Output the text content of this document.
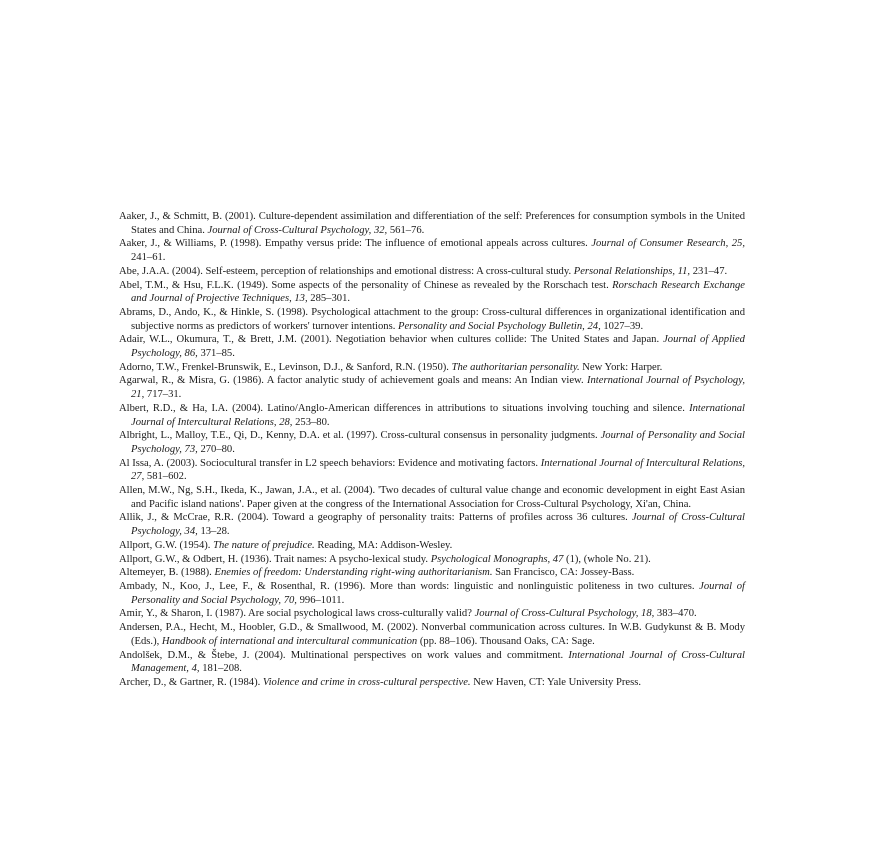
Aaker, J., & Schmitt, B. (2001). Culture-dependent assimilation and differentiation of the self: Preferences for consumption symbols in the United States and China. Journal of Cross-Cultural Psychology, 32, 561–76.
Aaker, J., & Williams, P. (1998). Empathy versus pride: The influence of emotional appeals across cultures. Journal of Consumer Research, 25, 241–61.
Abe, J.A.A. (2004). Self-esteem, perception of relationships and emotional distress: A cross-cultural study. Personal Relationships, 11, 231–47.
Abel, T.M., & Hsu, F.L.K. (1949). Some aspects of the personality of Chinese as revealed by the Rorschach test. Rorschach Research Exchange and Journal of Projective Techniques, 13, 285–301.
Abrams, D., Ando, K., & Hinkle, S. (1998). Psychological attachment to the group: Cross-cultural differences in organizational identification and subjective norms as predictors of workers' turnover intentions. Personality and Social Psychology Bulletin, 24, 1027–39.
Adair, W.L., Okumura, T., & Brett, J.M. (2001). Negotiation behavior when cultures collide: The United States and Japan. Journal of Applied Psychology, 86, 371–85.
Adorno, T.W., Frenkel-Brunswik, E., Levinson, D.J., & Sanford, R.N. (1950). The authoritarian personality. New York: Harper.
Agarwal, R., & Misra, G. (1986). A factor analytic study of achievement goals and means: An Indian view. International Journal of Psychology, 21, 717–31.
Albert, R.D., & Ha, I.A. (2004). Latino/Anglo-American differences in attributions to situations involving touching and silence. International Journal of Intercultural Relations, 28, 253–80.
Albright, L., Malloy, T.E., Qi, D., Kenny, D.A. et al. (1997). Cross-cultural consensus in personality judgments. Journal of Personality and Social Psychology, 73, 270–80.
Al Issa, A. (2003). Sociocultural transfer in L2 speech behaviors: Evidence and motivating factors. International Journal of Intercultural Relations, 27, 581–602.
Allen, M.W., Ng, S.H., Ikeda, K., Jawan, J.A., et al. (2004). 'Two decades of cultural value change and economic development in eight East Asian and Pacific island nations'. Paper given at the congress of the International Association for Cross-Cultural Psychology, Xi'an, China.
Allik, J., & McCrae, R.R. (2004). Toward a geography of personality traits: Patterns of profiles across 36 cultures. Journal of Cross-Cultural Psychology, 34, 13–28.
Allport, G.W. (1954). The nature of prejudice. Reading, MA: Addison-Wesley.
Allport, G.W., & Odbert, H. (1936). Trait names: A psycho-lexical study. Psychological Monographs, 47 (1), (whole No. 21).
Altemeyer, B. (1988). Enemies of freedom: Understanding right-wing authoritarianism. San Francisco, CA: Jossey-Bass.
Ambady, N., Koo, J., Lee, F., & Rosenthal, R. (1996). More than words: linguistic and nonlinguistic politeness in two cultures. Journal of Personality and Social Psychology, 70, 996–1011.
Amir, Y., & Sharon, I. (1987). Are social psychological laws cross-culturally valid? Journal of Cross-Cultural Psychology, 18, 383–470.
Andersen, P.A., Hecht, M., Hoobler, G.D., & Smallwood, M. (2002). Nonverbal communication across cultures. In W.B. Gudykunst & B. Mody (Eds.), Handbook of international and intercultural communication (pp. 88–106). Thousand Oaks, CA: Sage.
Andolšek, D.M., & Štebe, J. (2004). Multinational perspectives on work values and commitment. International Journal of Cross-Cultural Management, 4, 181–208.
Archer, D., & Gartner, R. (1984). Violence and crime in cross-cultural perspective. New Haven, CT: Yale University Press.
